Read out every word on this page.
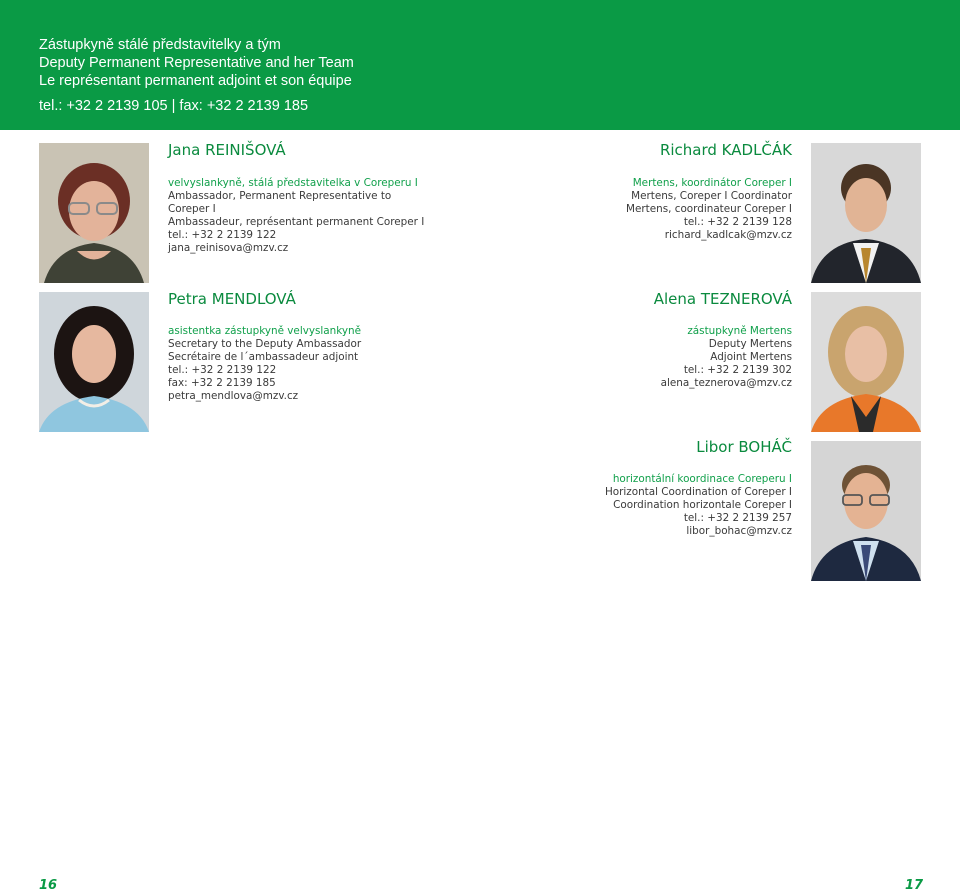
Zástupkyně stálé představitelky a tým
Deputy Permanent Representative and her Team
Le représentant permanent adjoint et son équipe
tel.: +32 2 2139 105 | fax: +32 2 2139 185
Jana REINIŠOVÁ
velvyslankyně, stálá představitelka v Coreperu I
Ambassador, Permanent Representative to
Coreper I
Ambassadeur, représentant permanent Coreper I
tel.: +32 2 2139 122
jana_reinisova@mzv.cz
Richard KADLČÁK
Mertens, koordinátor Coreper I
Mertens, Coreper I Coordinator
Mertens, coordinateur Coreper I
tel.: +32 2 2139 128
richard_kadlcak@mzv.cz
Petra MENDLOVÁ
asistentka zástupkyně velvyslankyně
Secretary to the Deputy Ambassador
Secrétaire de l´ambassadeur adjoint
tel.: +32 2 2139 122
fax: +32 2 2139 185
petra_mendlova@mzv.cz
Alena TEZNEROVÁ
zástupkyně Mertens
Deputy Mertens
Adjoint Mertens
tel.: +32 2 2139 302
alena_teznerova@mzv.cz
Libor BOHÁČ
horizontální koordinace Coreperu I
Horizontal Coordination of Coreper I
Coordination horizontale Coreper I
tel.: +32 2 2139 257
libor_bohac@mzv.cz
16	17
